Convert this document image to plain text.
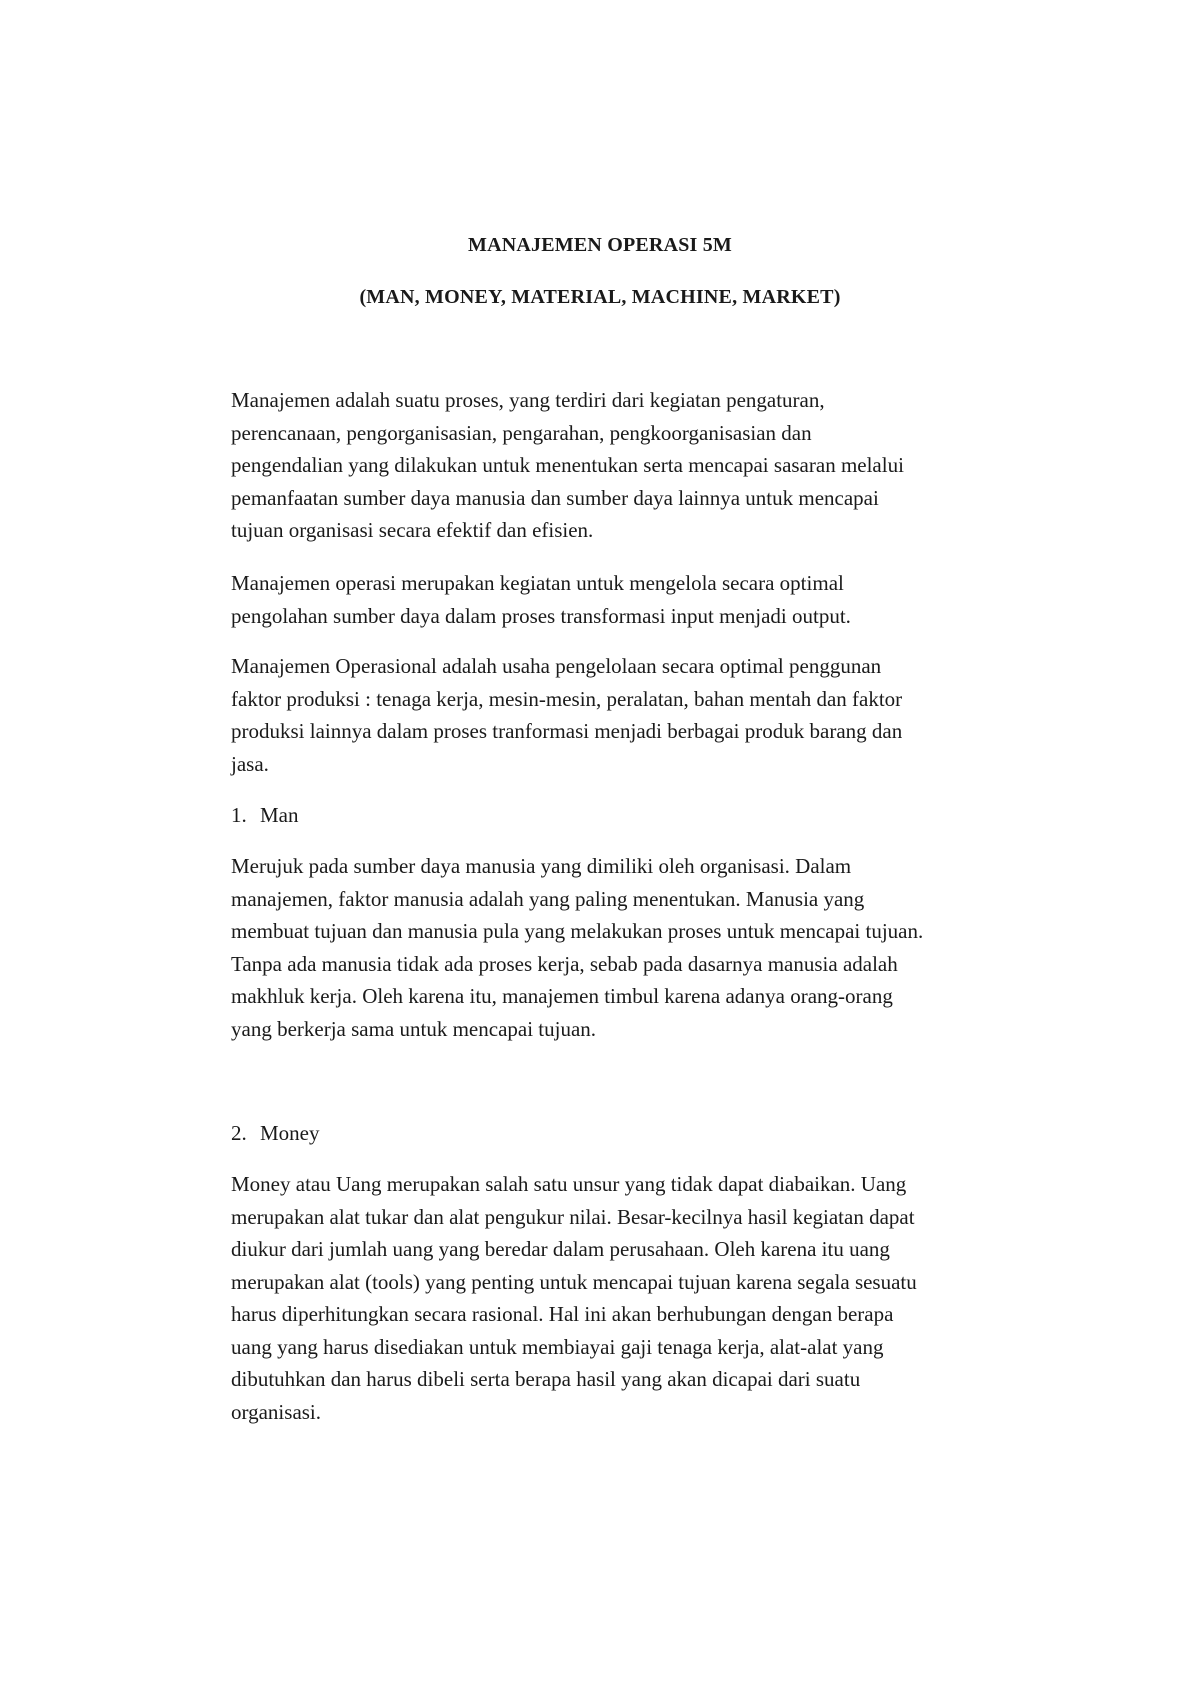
MANAJEMEN OPERASI 5M
(MAN, MONEY, MATERIAL, MACHINE, MARKET)

Manajemen adalah suatu proses, yang terdiri dari kegiatan pengaturan,
perencanaan, pengorganisasian, pengarahan, pengkoorganisasian dan
pengendalian yang dilakukan untuk menentukan serta mencapai sasaran melalui
pemanfaatan sumber daya manusia dan sumber daya lainnya untuk mencapai
tujuan organisasi secara efektif dan efisien.

Manajemen operasi merupakan kegiatan untuk mengelola secara optimal
pengolahan sumber daya dalam proses transformasi input menjadi output.

Manajemen Operasional adalah usaha pengelolaan secara optimal penggunan
faktor produksi : tenaga kerja, mesin-mesin, peralatan, bahan mentah dan faktor
produksi lainnya dalam proses tranformasi menjadi berbagai produk barang dan
jasa.

1. Man

Merujuk pada sumber daya manusia yang dimiliki oleh organisasi. Dalam
manajemen, faktor manusia adalah yang paling menentukan. Manusia yang
membuat tujuan dan manusia pula yang melakukan proses untuk mencapai tujuan.
Tanpa ada manusia tidak ada proses kerja, sebab pada dasarnya manusia adalah
makhluk kerja. Oleh karena itu, manajemen timbul karena adanya orang-orang
yang berkerja sama untuk mencapai tujuan.

2. Money

Money atau Uang merupakan salah satu unsur yang tidak dapat diabaikan. Uang
merupakan alat tukar dan alat pengukur nilai. Besar-kecilnya hasil kegiatan dapat
diukur dari jumlah uang yang beredar dalam perusahaan. Oleh karena itu uang
merupakan alat (tools) yang penting untuk mencapai tujuan karena segala sesuatu
harus diperhitungkan secara rasional. Hal ini akan berhubungan dengan berapa
uang yang harus disediakan untuk membiayai gaji tenaga kerja, alat-alat yang
dibutuhkan dan harus dibeli serta berapa hasil yang akan dicapai dari suatu
organisasi.
